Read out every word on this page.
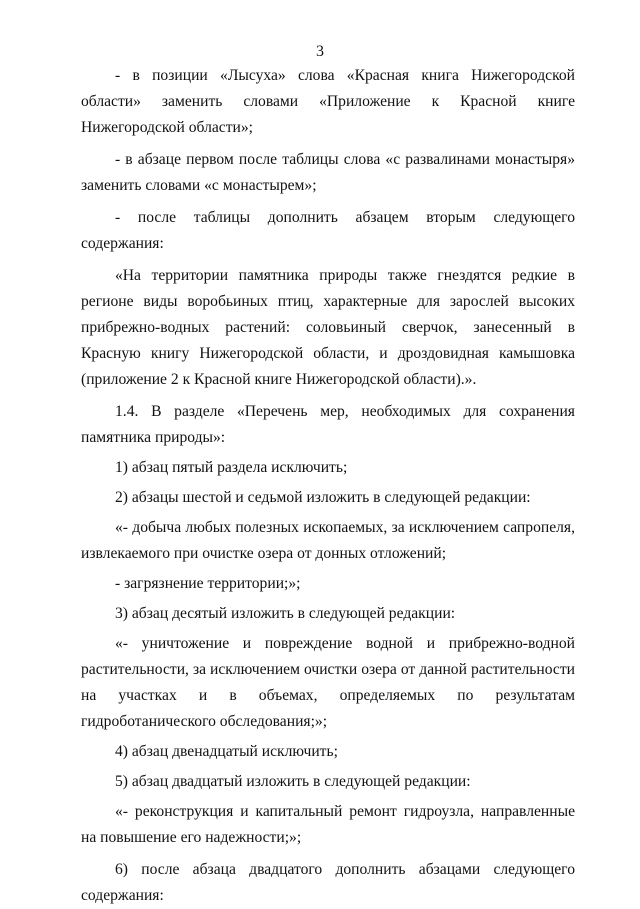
3

- в позиции «Лысуха» слова «Красная книга Нижегородской области» заменить словами «Приложение к Красной книге Нижегородской области»;

- в абзаце первом после таблицы слова «с развалинами монастыря» заменить словами «с монастырем»;

- после таблицы дополнить абзацем вторым следующего содержания:

«На территории памятника природы также гнездятся редкие в регионе виды воробьиных птиц, характерные для зарослей высоких прибрежно-водных растений: соловьиный сверчок, занесенный в Красную книгу Нижегородской области, и дроздовидная камышовка (приложение 2 к Красной книге Нижегородской области).».

1.4. В разделе «Перечень мер, необходимых для сохранения памятника природы»:

1) абзац пятый раздела исключить;

2) абзацы шестой и седьмой изложить в следующей редакции:

«- добыча любых полезных ископаемых, за исключением сапропеля, извлекаемого при очистке озера от донных отложений;

- загрязнение территории;»;

3) абзац десятый изложить в следующей редакции:

«- уничтожение и повреждение водной и прибрежно-водной растительности, за исключением очистки озера от данной растительности на участках и в объемах, определяемых по результатам гидроботанического обследования;»;

4) абзац двенадцатый исключить;

5) абзац двадцатый изложить в следующей редакции:

«- реконструкция и капитальный ремонт гидроузла, направленные на повышение его надежности;»;

6) после абзаца двадцатого дополнить абзацами следующего содержания:
